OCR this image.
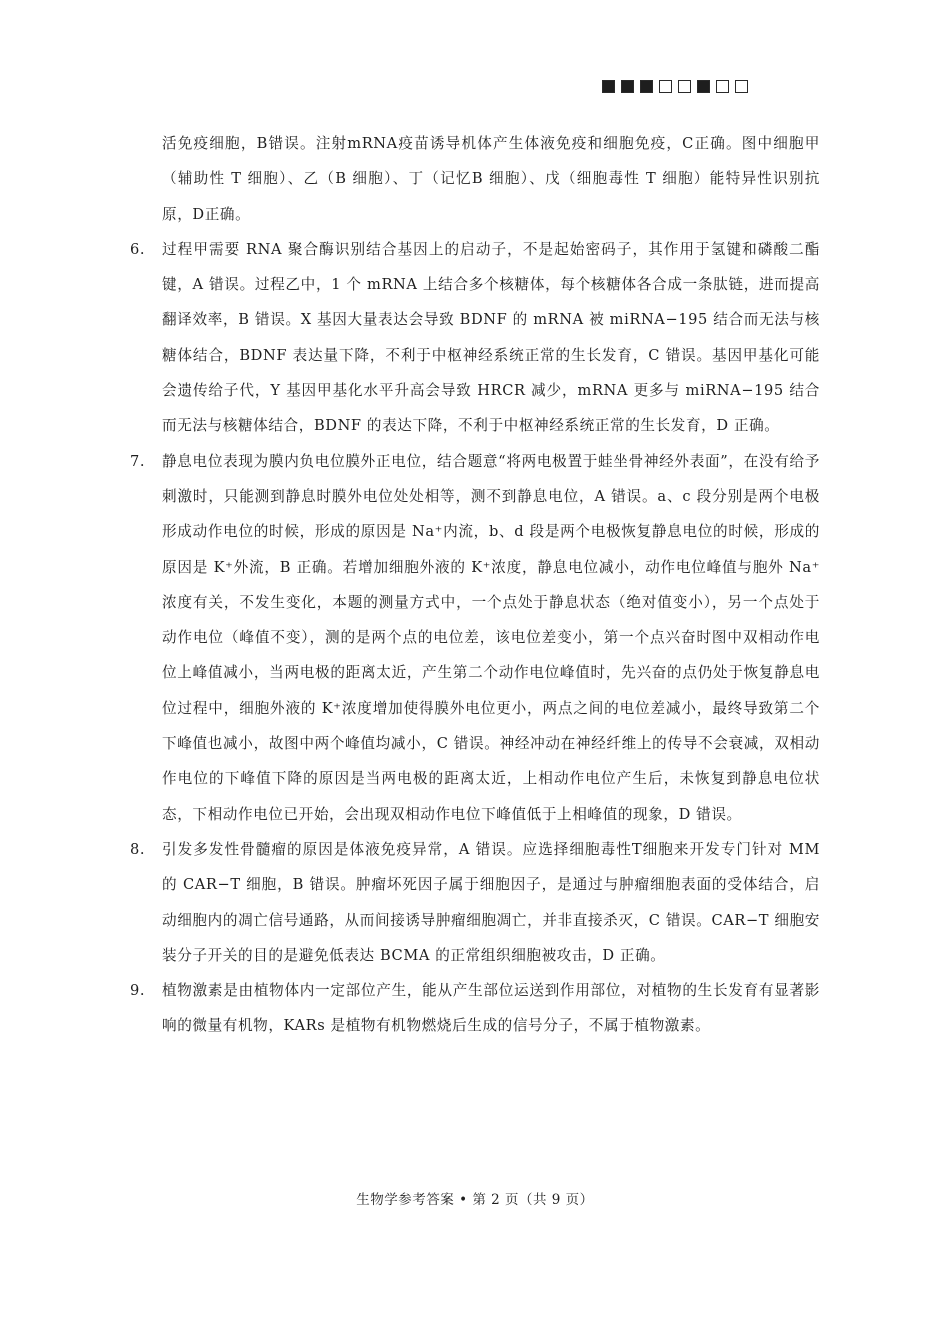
活免疫细胞，B错误。注射mRNA疫苗诱导机体产生体液免疫和细胞免疫，C正确。图中细胞甲（辅助性 T 细胞）、乙（B 细胞）、丁（记忆B 细胞）、戊（细胞毒性 T 细胞）能特异性识别抗原，D正确。

6. 过程甲需要 RNA 聚合酶识别结合基因上的启动子，不是起始密码子，其作用于氢键和磷酸二酯键，A 错误。过程乙中，1 个 mRNA 上结合多个核糖体，每个核糖体各合成一条肽链，进而提高翻译效率，B 错误。X 基因大量表达会导致 BDNF 的 mRNA 被 miRNA−195 结合而无法与核糖体结合，BDNF 表达量下降，不利于中枢神经系统正常的生长发育，C 错误。基因甲基化可能会遗传给子代，Y 基因甲基化水平升高会导致 HRCR 减少，mRNA 更多与 miRNA−195 结合而无法与核糖体结合，BDNF 的表达下降，不利于中枢神经系统正常的生长发育，D 正确。

7. 静息电位表现为膜内负电位膜外正电位，结合题意“将两电极置于蛙坐骨神经外表面”，在没有给予刺激时，只能测到静息时膜外电位处处相等，测不到静息电位，A 错误。a、c 段分别是两个电极形成动作电位的时候，形成的原因是 Na⁺内流，b、d 段是两个电极恢复静息电位的时候，形成的原因是 K⁺外流，B 正确。若增加细胞外液的 K⁺浓度，静息电位减小，动作电位峰值与胞外 Na⁺浓度有关，不发生变化，本题的测量方式中，一个点处于静息状态（绝对值变小），另一个点处于动作电位（峰值不变），测的是两个点的电位差，该电位差变小，第一个点兴奋时图中双相动作电位上峰值减小，当两电极的距离太近，产生第二个动作电位峰值时，先兴奋的点仍处于恢复静息电位过程中，细胞外液的 K⁺浓度增加使得膜外电位更小，两点之间的电位差减小，最终导致第二个下峰值也减小，故图中两个峰值均减小，C 错误。神经冲动在神经纤维上的传导不会衰减，双相动作电位的下峰值下降的原因是当两电极的距离太近，上相动作电位产生后，未恢复到静息电位状态，下相动作电位已开始，会出现双相动作电位下峰值低于上相峰值的现象，D 错误。

8. 引发多发性骨髓瘤的原因是体液免疫异常，A 错误。应选择细胞毒性T细胞来开发专门针对 MM 的 CAR−T 细胞，B 错误。肿瘤坏死因子属于细胞因子，是通过与肿瘤细胞表面的受体结合，启动细胞内的凋亡信号通路，从而间接诱导肿瘤细胞凋亡，并非直接杀灭，C 错误。CAR−T 细胞安装分子开关的目的是避免低表达 BCMA 的正常组织细胞被攻击，D 正确。

9. 植物激素是由植物体内一定部位产生，能从产生部位运送到作用部位，对植物的生长发育有显著影响的微量有机物，KARs 是植物有机物燃烧后生成的信号分子，不属于植物激素。

生物学参考答案 • 第 2 页（共 9 页）
